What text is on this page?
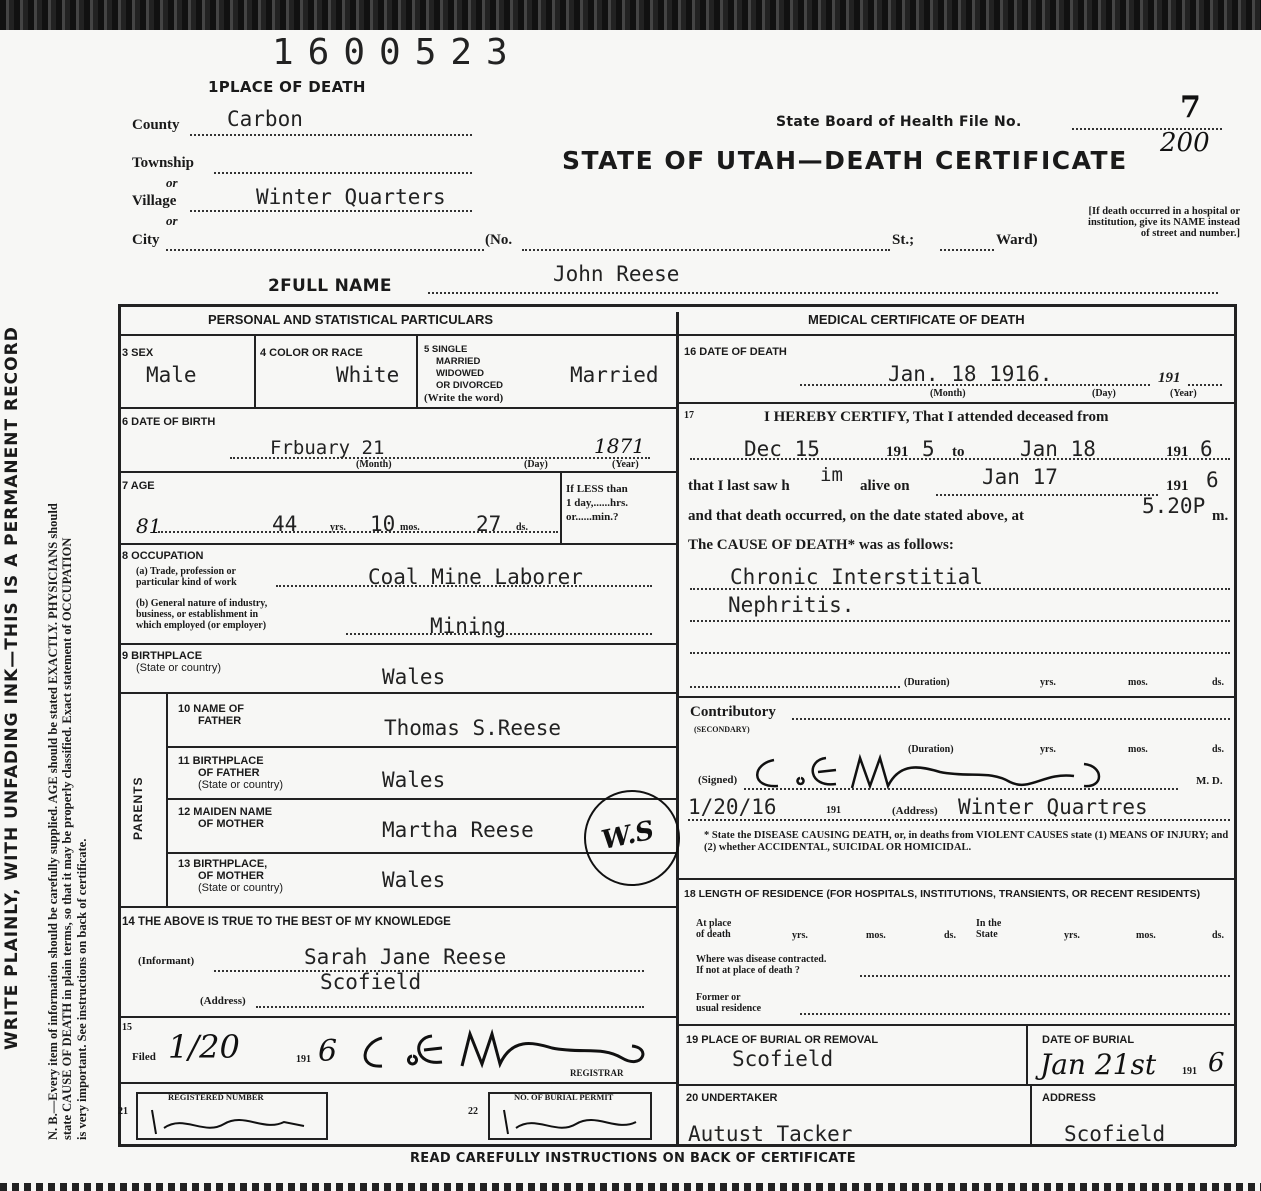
WRITE PLAINLY, WITH UNFADING INK—THIS IS A PERMANENT RECORD N. B.—Every item of information should be carefully supplied. AGE should be stated EXACTLY. PHYSICIANS should state CAUSE OF DEATH in plain terms, so that it may be properly classified. Exact statement of OCCUPATION is very important. See instructions on back of certificate.
1600523
1PLACE OF DEATH
County Carbon
Township
or
Village	Winter Quarters
or
City	(No.	St.;	Ward)
State Board of Health File No.	7
200
STATE OF UTAH—DEATH CERTIFICATE
[If death occurred in a hospital or institution, give its NAME instead of street and number.]
2FULL NAME	John Reese
PERSONAL AND STATISTICAL PARTICULARS	MEDICAL CERTIFICATE OF DEATH
3 SEX
Male
4 COLOR OR RACE
White
5 SINGLE
MARRIED
WIDOWED
OR DIVORCED
(Write the word)
Married
6 DATE OF BIRTH
Frbuary 21	1871
(Month)	(Day)	(Year)
7 AGE
81	44	yrs. 10 mos.	27 ds.
If LESS than
1 day,......hrs.
or......min.?
8 OCCUPATION
(a) Trade, profession or
particular kind of work	Coal Mine Laborer
(b) General nature of industry,
business, or establishment in
which employed (or employer)	Mining
9 BIRTHPLACE
(State or country)	Wales
PARENTS
10 NAME OF
FATHER	Thomas S.Reese
11 BIRTHPLACE
OF FATHER
(State or country)	Wales
12 MAIDEN NAME
OF MOTHER	Martha Reese
13 BIRTHPLACE,
OF MOTHER
(State or country)	Wales
W.S
14 THE ABOVE IS TRUE TO THE BEST OF MY KNOWLEDGE
(Informant)	Sarah Jane Reese
Scofield
(Address)
15
Filed 1/20	191 6
REGISTRAR
21
REGISTERED NUMBER
22
NO. OF BURIAL PERMIT
16 DATE OF DEATH
Jan. 18 1916.	191
(Month)	(Day)	(Year)
17	I HEREBY CERTIFY, That I attended deceased from
Dec 15	191 5 to	Jan 18	191 6
that I last saw h im alive on	Jan 17	191 6
and that death occurred, on the date stated above, at	5.20P m.
The CAUSE OF DEATH* was as follows:
Chronic Interstitial
Nephritis.
(Duration)	yrs.	mos.	ds.
Contributory
(SECONDARY)
(Duration)	yrs.	mos.	ds.
(Signed)	M. D.
1/20/16	191	(Address) Winter Quartres
* State the DISEASE CAUSING DEATH, or, in deaths from VIOLENT CAUSES state (1) MEANS OF INJURY; and (2) whether ACCIDENTAL, SUICIDAL OR HOMICIDAL.
18 LENGTH OF RESIDENCE (FOR HOSPITALS, INSTITUTIONS, TRANSIENTS, OR RECENT RESIDENTS)
At place
of death	yrs.	mos.	ds.
In the
State	yrs.	mos.	ds.
Where was disease contracted.
If not at place of death ?
Former or
usual residence
19 PLACE OF BURIAL OR REMOVAL
Scofield
DATE OF BURIAL
Jan 21st	191 6
20 UNDERTAKER
Autust Tacker
ADDRESS
Scofield
READ CAREFULLY INSTRUCTIONS ON BACK OF CERTIFICATE
